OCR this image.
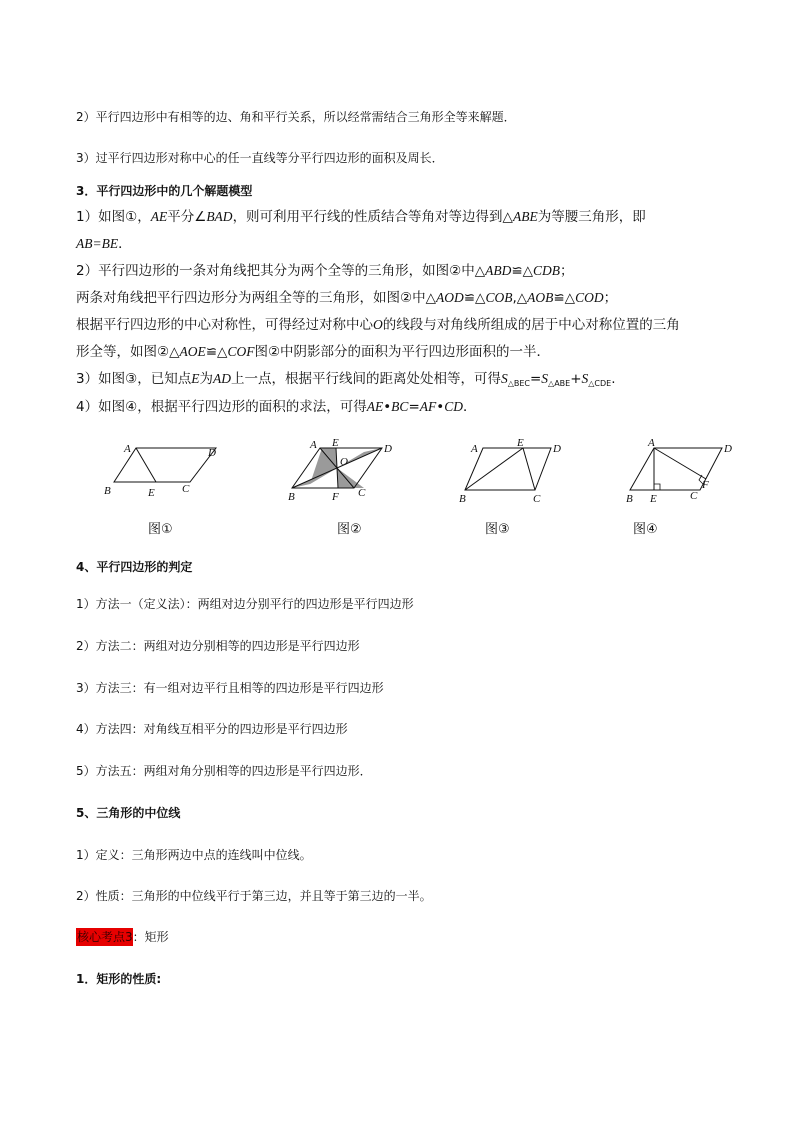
2）平行四边形中有相等的边、角和平行关系，所以经常需结合三角形全等来解题．
3）过平行四边形对称中心的任一直线等分平行四边形的面积及周长．
3．平行四边形中的几个解题模型
1）如图①，AE平分∠BAD，则可利用平行线的性质结合等角对等边得到△ABE为等腰三角形，即
AB=BE．
2）平行四边形的一条对角线把其分为两个全等的三角形，如图②中△ABD≌△CDB；
两条对角线把平行四边形分为两组全等的三角形，如图②中△AOD≌△COB,△AOB≌△COD；
根据平行四边形的中心对称性，可得经过对称中心O的线段与对角线所组成的居于中心对称位置的三角
形全等，如图②△AOE≌△COF图②中阴影部分的面积为平行四边形面积的一半．
3）如图③，已知点E为AD上一点，根据平行线间的距离处处相等，可得$S_{\triangle BEC}=S_{\triangle ABE}+S_{\triangle CDE}$.
4）如图④，根据平行四边形的面积的求法，可得AE•BC=AF•CD．
A	D
B	E C
图①
A E	D
O
B	F C
图②
A	E	D
B	C
图③
A	D
B E	C
F
图④
4、平行四边形的判定
1）方法一（定义法）：两组对边分别平行的四边形是平行四边形
2）方法二：两组对边分别相等的四边形是平行四边形
3）方法三：有一组对边平行且相等的四边形是平行四边形
4）方法四：对角线互相平分的四边形是平行四边形
5）方法五：两组对角分别相等的四边形是平行四边形．
5、三角形的中位线
1）定义：三角形两边中点的连线叫中位线。
2）性质：三角形的中位线平行于第三边，并且等于第三边的一半。
核心考点3：矩形
1．矩形的性质:
